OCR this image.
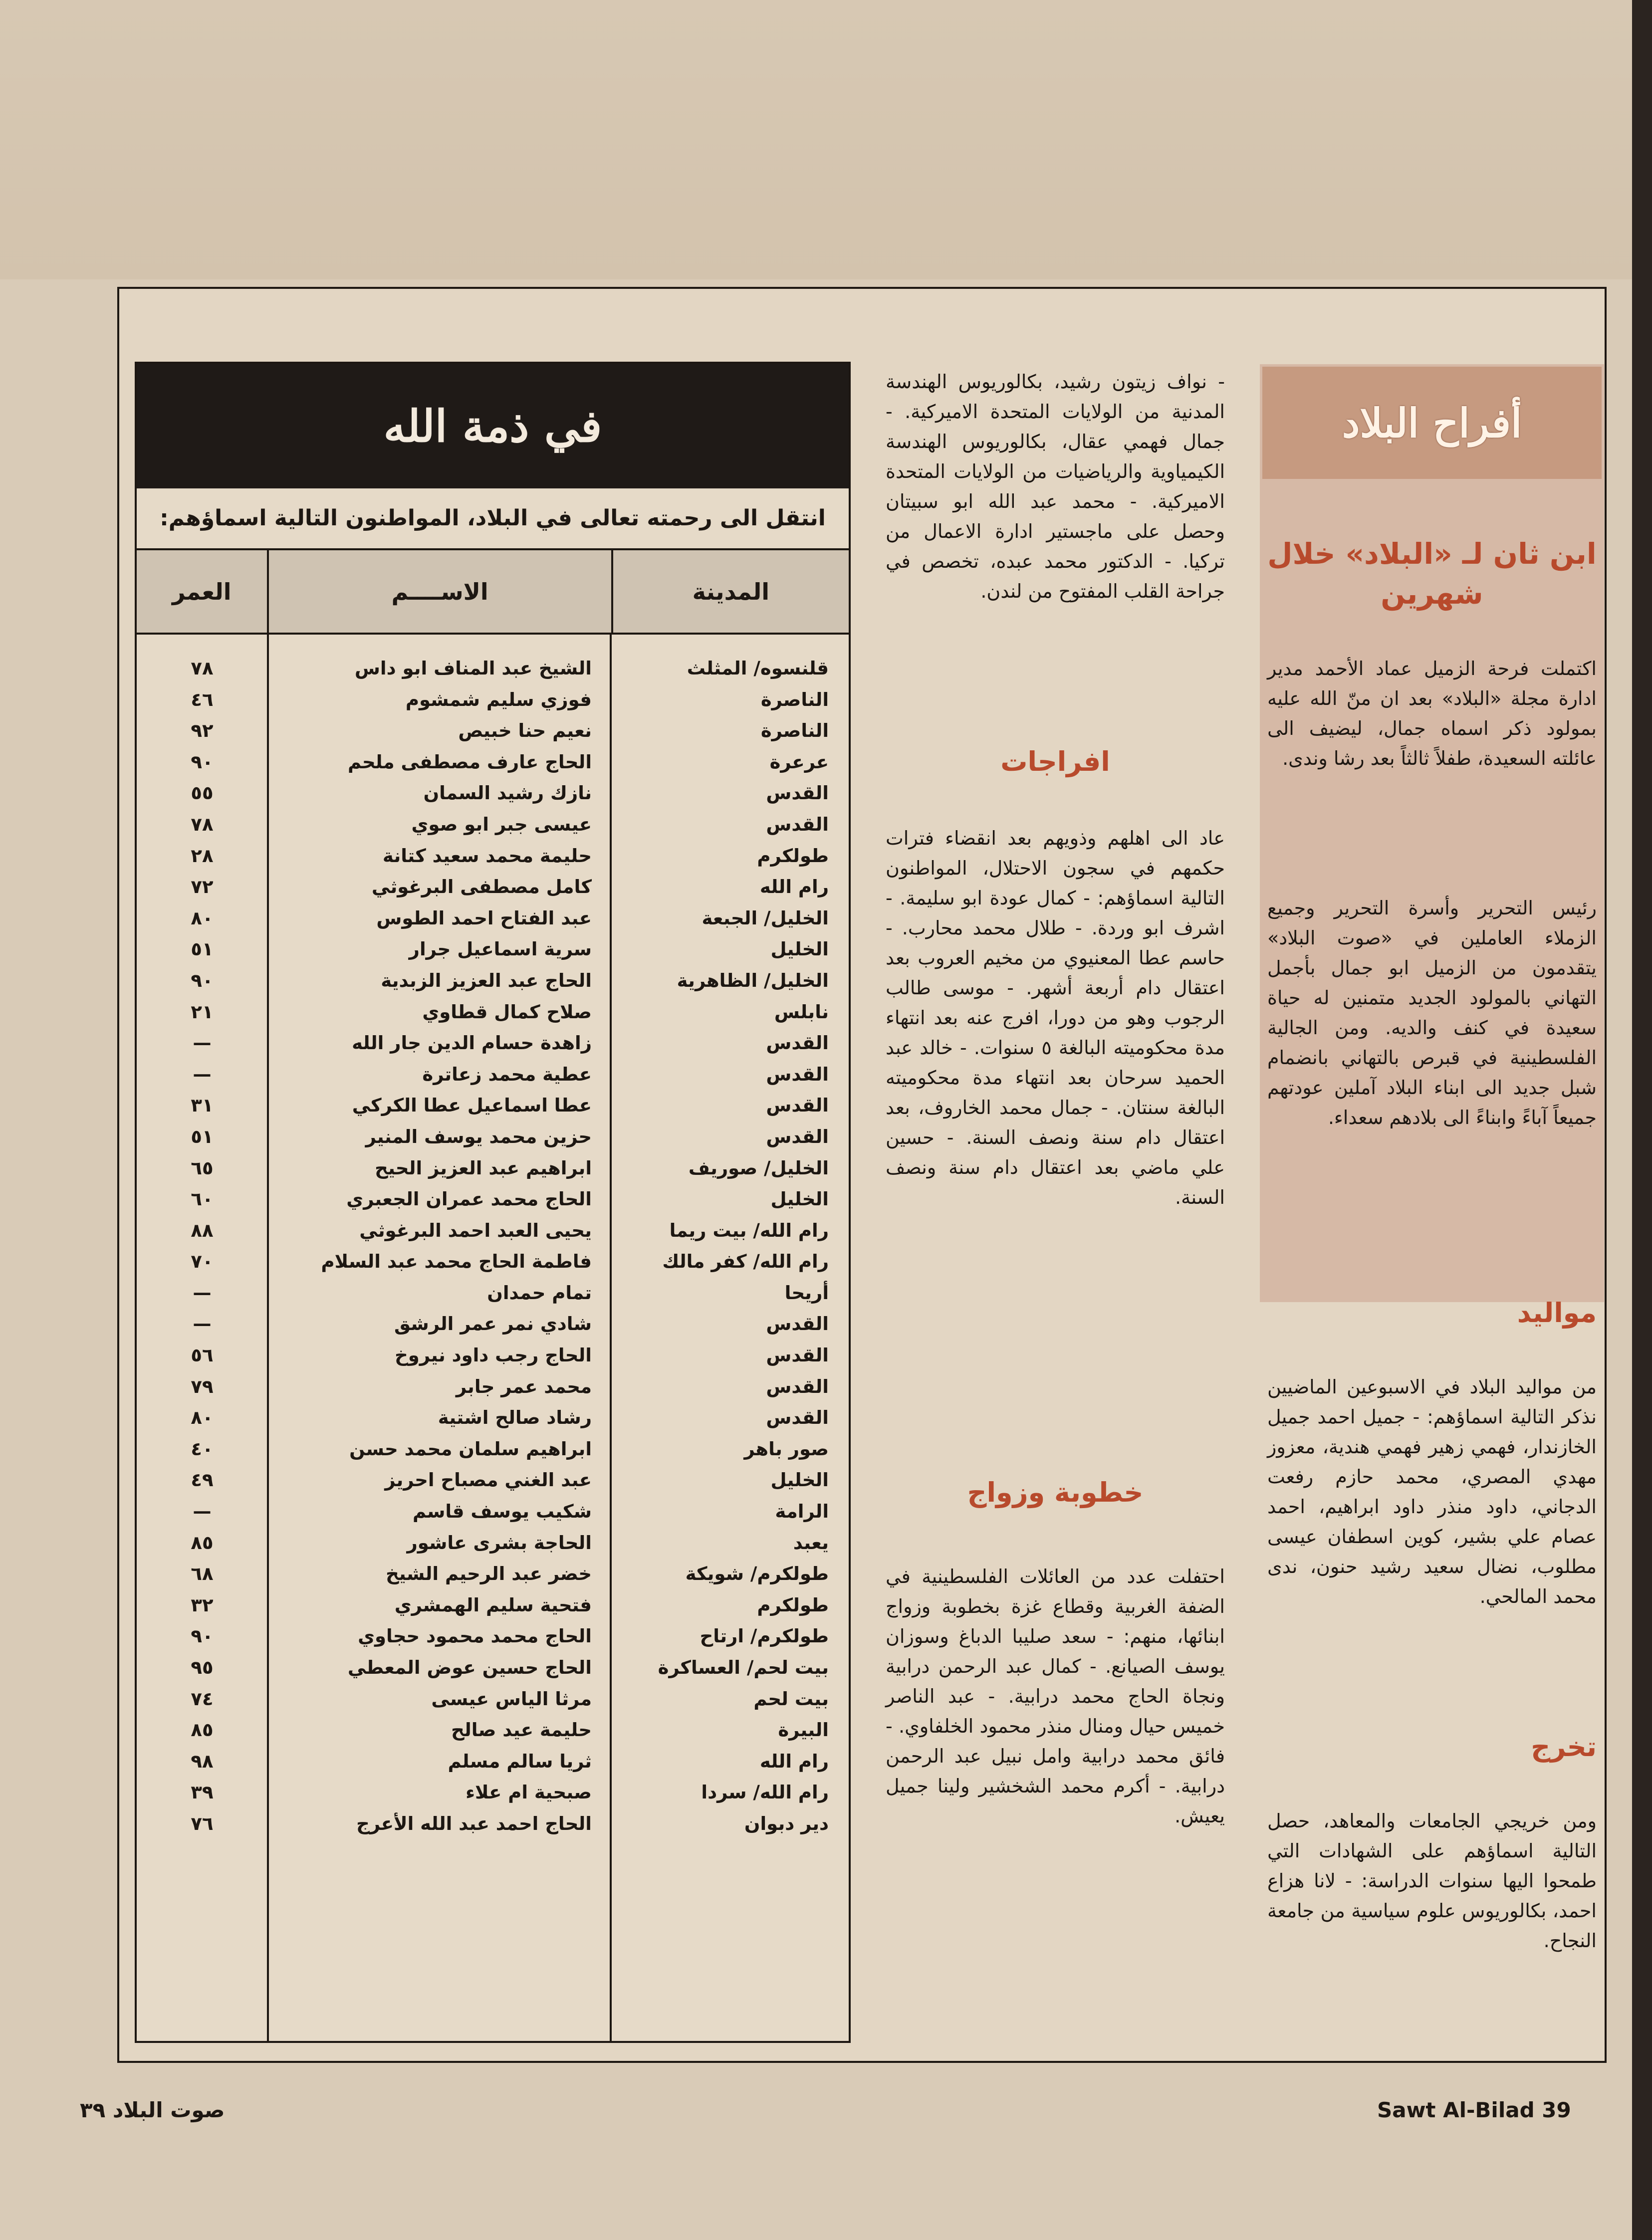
أفراح البلاد
ابن ثان لـ «البلاد» خلال شهرين
اكتملت فرحة الزميل عماد الأحمد مدير ادارة مجلة «البلاد» بعد ان منّ الله عليه بمولود ذكر اسماه جمال، ليضيف الى عائلته السعيدة، طفلاً ثالثاً بعد رشا وندى.
رئيس التحرير وأسرة التحرير وجميع الزملاء العاملين في «صوت البلاد» يتقدمون من الزميل ابو جمال بأجمل التهاني بالمولود الجديد متمنين له حياة سعيدة في كنف والديه. ومن الجالية الفلسطينية في قبرص بالتهاني بانضمام شبل جديد الى ابناء البلاد آملين عودتهم جميعاً آباءً وابناءً الى بلادهم سعداء.
مواليد
من مواليد البلاد في الاسبوعين الماضيين نذكر التالية اسماؤهم: - جميل احمد جميل الخازندار، فهمي زهير فهمي هندية، معزوز مهدي المصري، محمد حازم رفعت الدجاني، داود منذر داود ابراهيم، احمد عصام علي بشير، كوين اسطفان عيسى مطلوب، نضال سعيد رشيد حنون، ندى محمد المالحي.
تخرج
ومن خريجي الجامعات والمعاهد، حصل التالية اسماؤهم على الشهادات التي طمحوا اليها سنوات الدراسة: - لانا هزاع احمد، بكالوريوس علوم سياسية من جامعة النجاح.
- نواف زيتون رشيد، بكالوريوس الهندسة المدنية من الولايات المتحدة الاميركية. - جمال فهمي عقال، بكالوريوس الهندسة الكيمياوية والرياضيات من الولايات المتحدة الاميركية. - محمد عبد الله ابو سبيتان وحصل على ماجستير ادارة الاعمال من تركيا. - الدكتور محمد عبده، تخصص في جراحة القلب المفتوح من لندن.
افراجات
عاد الى اهلهم وذويهم بعد انقضاء فترات حكمهم في سجون الاحتلال، المواطنون التالية اسماؤهم: - كمال عودة ابو سليمة. - اشرف ابو وردة. - طلال محمد محارب. - حاسم عطا المعنيوي من مخيم العروب بعد اعتقال دام أربعة أشهر. - موسى طالب الرجوب وهو من دورا، افرج عنه بعد انتهاء مدة محكوميته البالغة ٥ سنوات. - خالد عبد الحميد سرحان بعد انتهاء مدة محكوميته البالغة سنتان. - جمال محمد الخاروف، بعد اعتقال دام سنة ونصف السنة. - حسين علي ماضي بعد اعتقال دام سنة ونصف السنة.
خطوبة وزواج
احتفلت عدد من العائلات الفلسطينية في الضفة الغربية وقطاع غزة بخطوبة وزواج ابنائها، منهم: - سعد صليبا الدباغ وسوزان يوسف الصيانع. - كمال عبد الرحمن درابية ونجاة الحاج محمد درابية. - عبد الناصر خميس حيال ومنال منذر محمود الخلفاوي. - فائق محمد درابية وامل نبيل عبد الرحمن درابية. - أكرم محمد الشخشير ولينا جميل يعيش.
في ذمة الله
انتقل الى رحمته تعالى في البلاد، المواطنون التالية اسماؤهم:
المدينة
الاســــم
العمر
قلنسوه/ المثلث
الشيخ عبد المناف ابو داس
٧٨
الناصرة
فوزي سليم شمشوم
٤٦
الناصرة
نعيم حنا خبيص
٩٢
عرعرة
الحاج عارف مصطفى ملحم
٩٠
القدس
نازك رشيد السمان
٥٥
القدس
عيسى جبر ابو صوي
٧٨
طولكرم
حليمة محمد سعيد كتانة
٢٨
رام الله
كامل مصطفى البرغوثي
٧٢
الخليل/ الجبعة
عبد الفتاح احمد الطوس
٨٠
الخليل
سرية اسماعيل جرار
٥١
الخليل/ الظاهرية
الحاج عبد العزيز الزبدية
٩٠
نابلس
صلاح كمال قطاوي
٢١
القدس
زاهدة حسام الدين جار الله
—
القدس
عطية محمد زعاترة
—
القدس
عطا اسماعيل عطا الكركي
٣١
القدس
حزين محمد يوسف المنير
٥١
الخليل/ صوريف
ابراهيم عبد العزيز الحيح
٦٥
الخليل
الحاج محمد عمران الجعبري
٦٠
رام الله/ بيت ريما
يحيى العبد احمد البرغوثي
٨٨
رام الله/ كفر مالك
فاطمة الحاج محمد عبد السلام
٧٠
أريحا
تمام حمدان
—
القدس
شادي نمر عمر الرشق
—
القدس
الحاج رجب داود نيروخ
٥٦
القدس
محمد عمر جابر
٧٩
القدس
رشاد صالح اشتية
٨٠
صور باهر
ابراهيم سلمان محمد حسن
٤٠
الخليل
عبد الغني مصباح احريز
٤٩
الرامة
شكيب يوسف قاسم
—
يعبد
الحاجة بشرى عاشور
٨٥
طولكرم/ شويكة
خضر عبد الرحيم الشيخ
٦٨
طولكرم
فتحية سليم الهمشري
٣٢
طولكرم/ ارتاح
الحاج محمد محمود حجاوي
٩٠
بيت لحم/ العساكرة
الحاج حسين عوض المعطي
٩٥
بيت لحم
مرثا الياس عيسى
٧٤
البيرة
حليمة عيد صالح
٨٥
رام الله
ثريا سالم مسلم
٩٨
رام الله/ سردا
صبحية ام علاء
٣٩
دير دبوان
الحاج احمد عبد الله الأعرج
٧٦
Sawt Al-Bilad 39
صوت البلاد ٣٩
